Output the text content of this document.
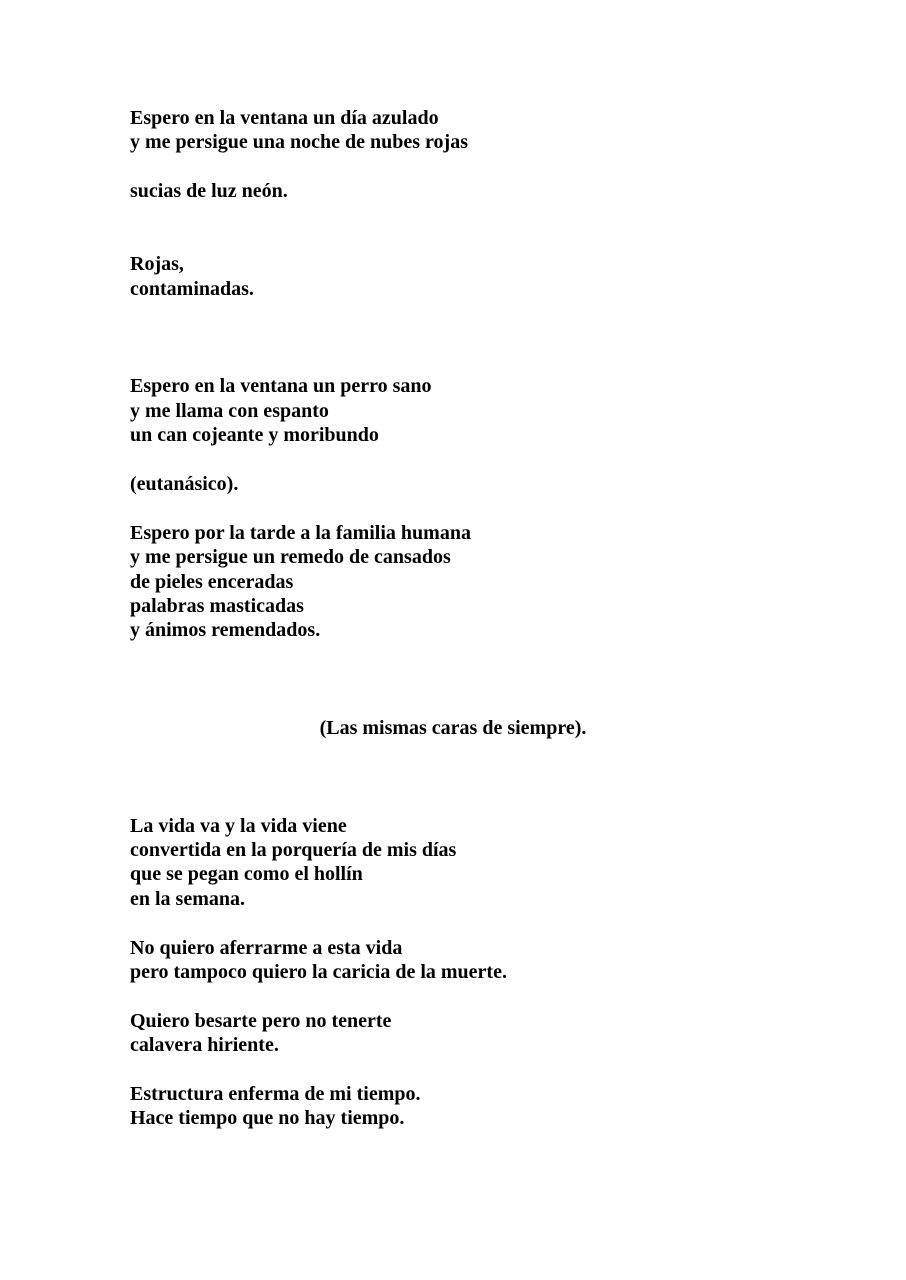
Espero en la ventana un día azulado
y me persigue una noche de nubes rojas
sucias de luz neón.
Rojas,
contaminadas.
Espero en la ventana un perro sano
y me llama con espanto
un can cojeante y moribundo
(eutanásico).
Espero por la tarde a la familia humana
y me persigue un remedo de cansados
de pieles enceradas
palabras masticadas
y ánimos remendados.
(Las mismas caras de siempre).
La vida va y la vida viene
convertida en la porquería de mis días
que se pegan como el hollín
en la semana.
No quiero aferrarme a esta vida
pero tampoco quiero la caricia de la muerte.
Quiero besarte pero no tenerte
calavera hiriente.
Estructura enferma de mi tiempo.
Hace tiempo que no hay tiempo.
